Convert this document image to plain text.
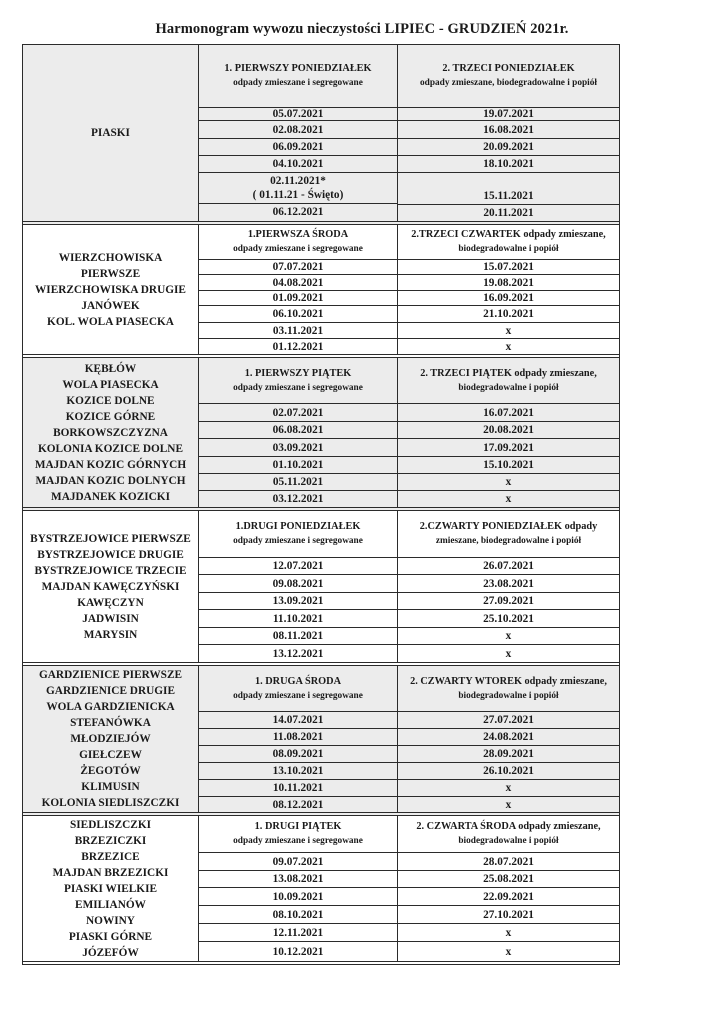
Harmonogram wywozu nieczystości LIPIEC - GRUDZIEŃ 2021r.
PIASKI
1. PIERWSZY PONIEDZIAŁEK
odpady zmieszane i segregowane
05.07.2021
02.08.2021
06.09.2021
04.10.2021
02.11.2021*
( 01.11.21 - Święto)
06.12.2021
2. TRZECI PONIEDZIAŁEK
odpady zmieszane, biodegradowalne i popiół
19.07.2021
16.08.2021
20.09.2021
18.10.2021
15.11.2021
20.11.2021
WIERZCHOWISKA
PIERWSZE
WIERZCHOWISKA DRUGIE
JANÓWEK
KOL. WOLA PIASECKA
1.PIERWSZA ŚRODA
odpady zmieszane i segregowane
07.07.2021
04.08.2021
01.09.2021
06.10.2021
03.11.2021
01.12.2021
2.TRZECI CZWARTEK odpady zmieszane,
biodegradowalne i popiół
15.07.2021
19.08.2021
16.09.2021
21.10.2021
x
x
KĘBŁÓW
WOLA PIASECKA
KOZICE DOLNE
KOZICE GÓRNE
BORKOWSZCZYZNA
KOLONIA KOZICE DOLNE
MAJDAN KOZIC GÓRNYCH
MAJDAN KOZIC DOLNYCH
MAJDANEK KOZICKI
1. PIERWSZY PIĄTEK
odpady zmieszane i segregowane
02.07.2021
06.08.2021
03.09.2021
01.10.2021
05.11.2021
03.12.2021
2. TRZECI PIĄTEK odpady zmieszane,
biodegradowalne i popiół
16.07.2021
20.08.2021
17.09.2021
15.10.2021
x
x
BYSTRZEJOWICE PIERWSZE
BYSTRZEJOWICE DRUGIE
BYSTRZEJOWICE TRZECIE
MAJDAN KAWĘCZYŃSKI
KAWĘCZYN
JADWISIN
MARYSIN
1.DRUGI PONIEDZIAŁEK
odpady zmieszane i segregowane
12.07.2021
09.08.2021
13.09.2021
11.10.2021
08.11.2021
13.12.2021
2.CZWARTY PONIEDZIAŁEK odpady
zmieszane, biodegradowalne i popiół
26.07.2021
23.08.2021
27.09.2021
25.10.2021
x
x
GARDZIENICE PIERWSZE
GARDZIENICE DRUGIE
WOLA GARDZIENICKA
STEFANÓWKA
MŁODZIEJÓW
GIEŁCZEW
ŻEGOTÓW
KLIMUSIN
KOLONIA SIEDLISZCZKI
1. DRUGA ŚRODA
odpady zmieszane i segregowane
14.07.2021
11.08.2021
08.09.2021
13.10.2021
10.11.2021
08.12.2021
2. CZWARTY WTOREK odpady zmieszane,
biodegradowalne i popiół
27.07.2021
24.08.2021
28.09.2021
26.10.2021
x
x
SIEDLISZCZKI
BRZEZICZKI
BRZEZICE
MAJDAN BRZEZICKI
PIASKI WIELKIE
EMILIANÓW
NOWINY
PIASKI GÓRNE
JÓZEFÓW
1. DRUGI PIĄTEK
odpady zmieszane i segregowane
09.07.2021
13.08.2021
10.09.2021
08.10.2021
12.11.2021
10.12.2021
2. CZWARTA ŚRODA odpady zmieszane,
biodegradowalne i popiół
28.07.2021
25.08.2021
22.09.2021
27.10.2021
x
x
